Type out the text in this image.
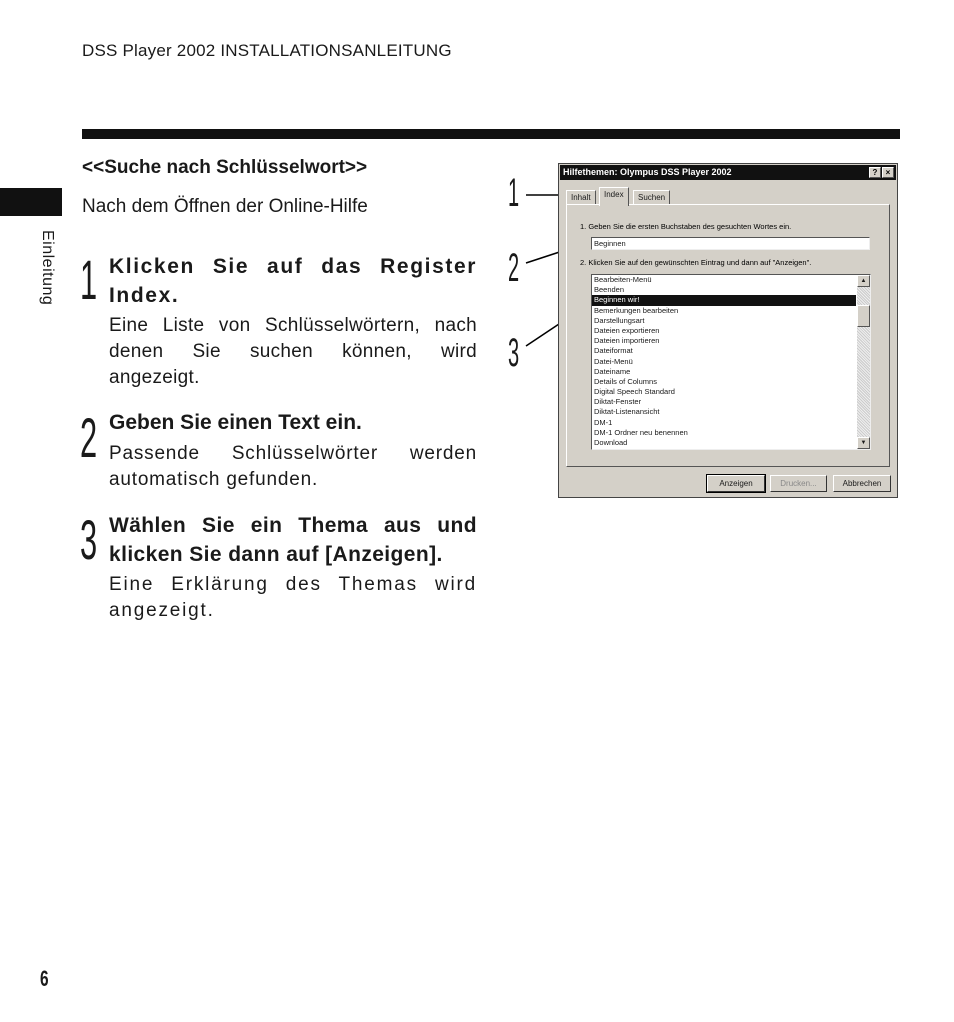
DSS Player 2002 INSTALLATIONSANLEITUNG
Einleitung
<<Suche nach Schlüsselwort>>
Nach dem Öffnen der Online-Hilfe
1 Klicken Sie auf das Register Index.
Eine Liste von Schlüsselwörtern, nach denen Sie suchen können, wird angezeigt.
2 Geben Sie einen Text ein.
Passende Schlüsselwörter werden automatisch gefunden.
3 Wählen Sie ein Thema aus und klicken Sie dann auf [Anzeigen].
Eine Erklärung des Themas wird angezeigt.
1
2
3
Hilfethemen: Olympus DSS Player 2002	?	×
Inhalt	Index	Suchen
1. Geben Sie die ersten Buchstaben des gesuchten Wortes ein.
Beginnen
2. Klicken Sie auf den gewünschten Eintrag und dann auf "Anzeigen".
Bearbeiten-Menü
Beenden
Beginnen wir!
Bemerkungen bearbeiten
Darstellungsart
Dateien exportieren
Dateien importieren
Dateiformat
Datei-Menü
Dateiname
Details of Columns
Digital Speech Standard
Diktat-Fenster
Diktat-Listenansicht
DM-1
DM-1 Ordner neu benennen
Download
▲
▼
Anzeigen	Drucken...	Abbrechen
6
